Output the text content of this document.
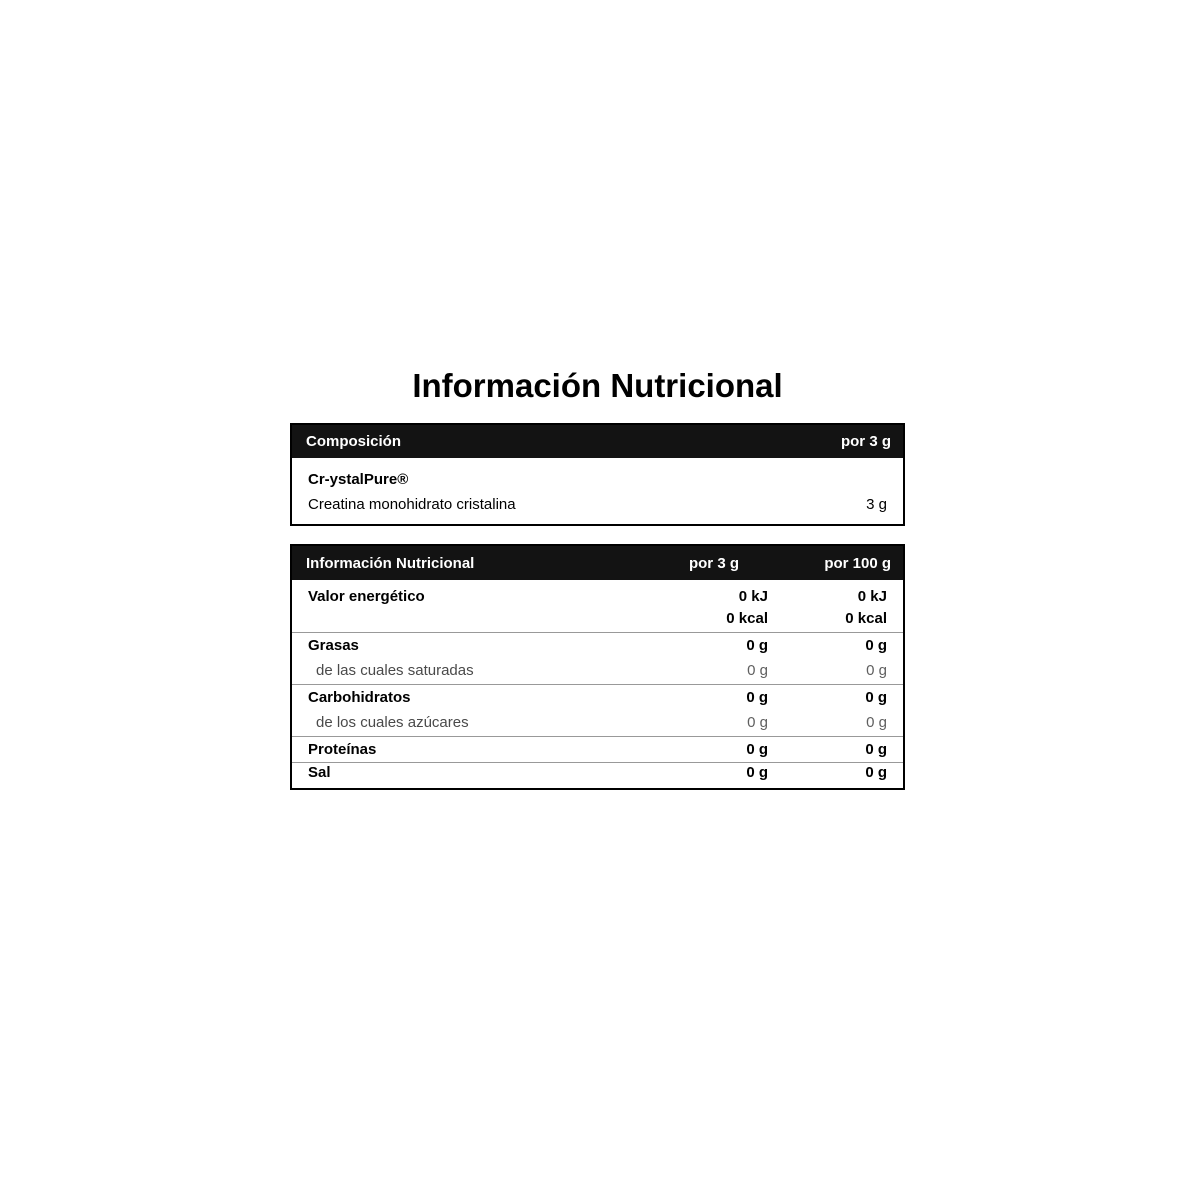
Información Nutricional
Composición	por 3 g
Cr-ystalPure®
Creatina monohidrato cristalina	3 g
Información Nutricional	por 3 g	por 100 g
Valor energético	0 kJ	0 kJ
	0 kcal	0 kcal
Grasas	0 g	0 g
de las cuales saturadas	0 g	0 g
Carbohidratos	0 g	0 g
de los cuales azúcares	0 g	0 g
Proteínas	0 g	0 g
Sal	0 g	0 g
